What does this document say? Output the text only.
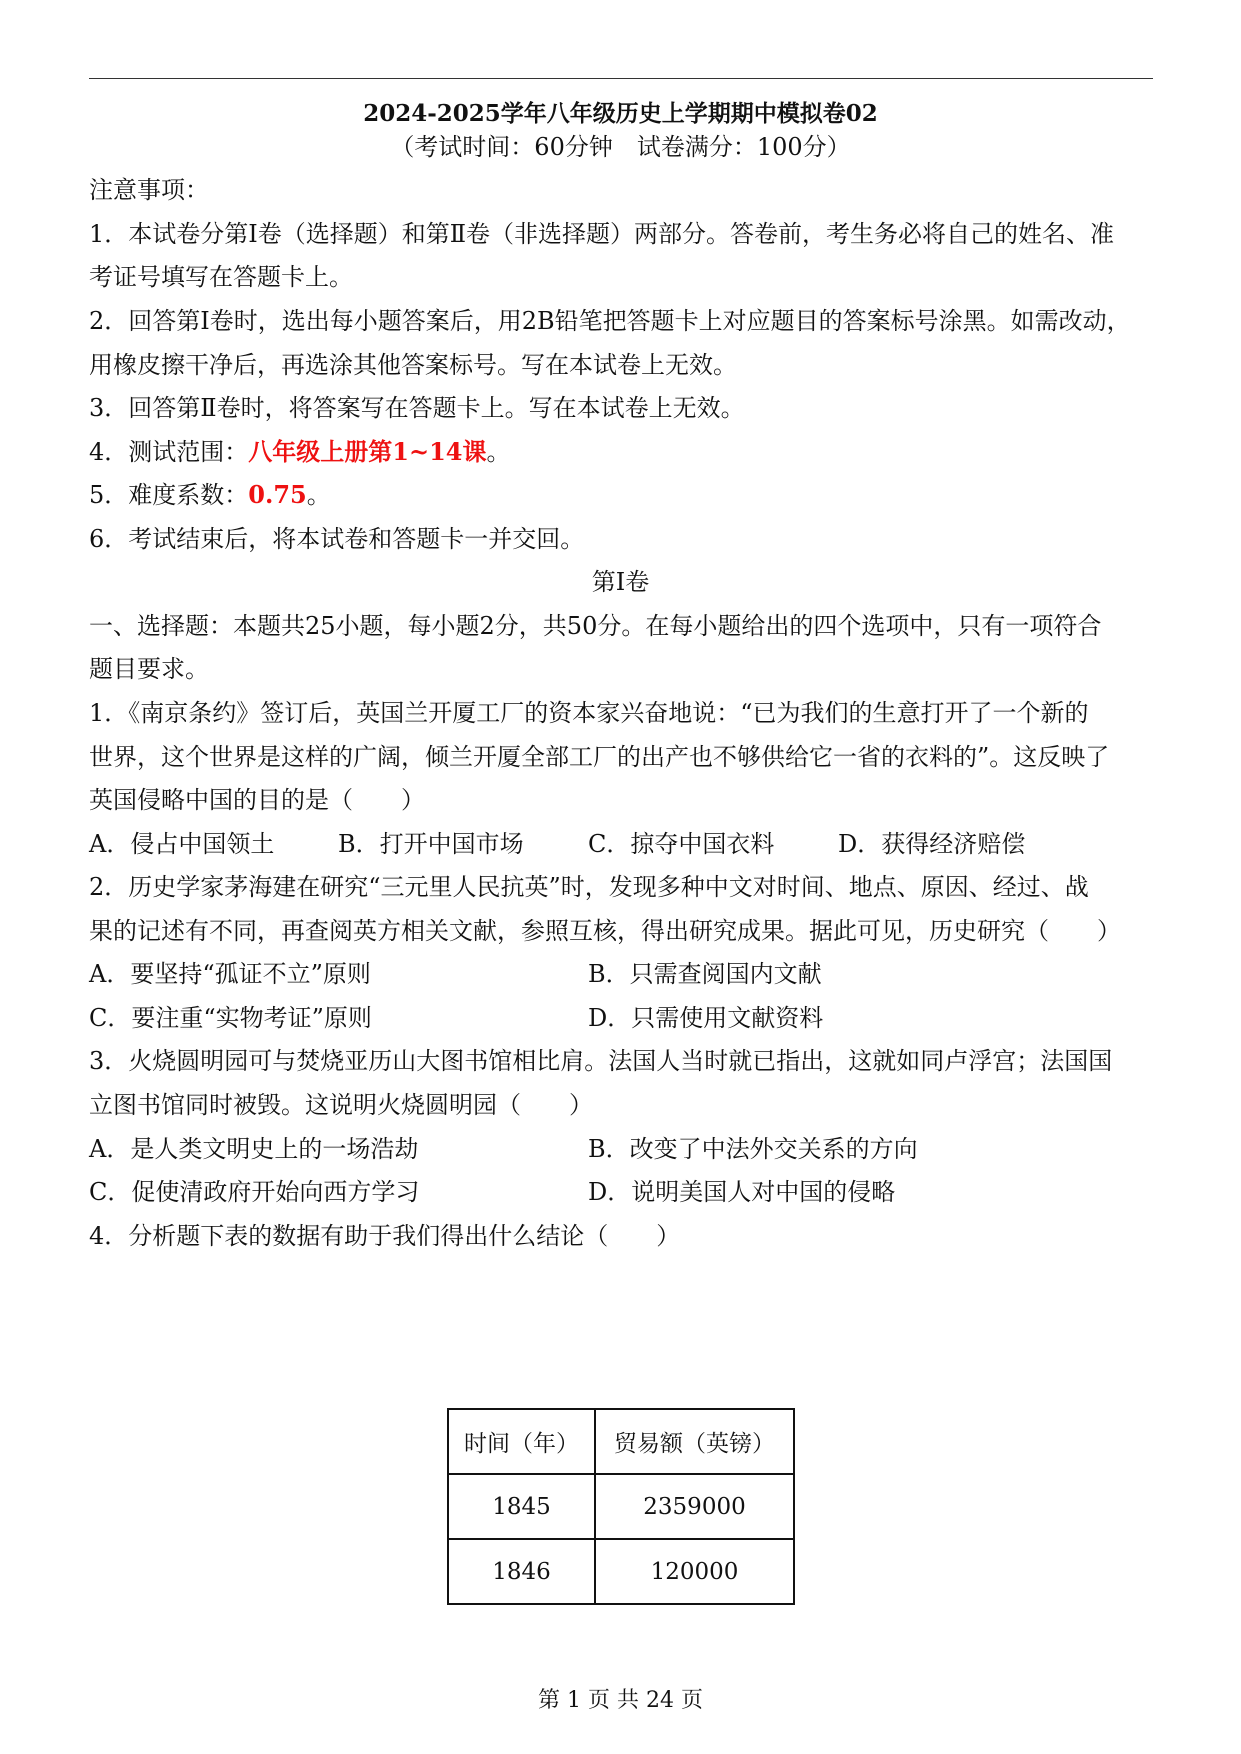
2024-2025学年八年级历史上学期期中模拟卷02
（考试时间：60分钟　试卷满分：100分）
注意事项：
1．本试卷分第Ⅰ卷（选择题）和第Ⅱ卷（非选择题）两部分。答卷前，考生务必将自己的姓名、准
考证号填写在答题卡上。
2．回答第Ⅰ卷时，选出每小题答案后，用2B铅笔把答题卡上对应题目的答案标号涂黑。如需改动，
用橡皮擦干净后，再选涂其他答案标号。写在本试卷上无效。
3．回答第Ⅱ卷时，将答案写在答题卡上。写在本试卷上无效。
4．测试范围：八年级上册第1~14课。
5．难度系数：0.75。
6．考试结束后，将本试卷和答题卡一并交回。
第Ⅰ卷
一、选择题：本题共25小题，每小题2分，共50分。在每小题给出的四个选项中，只有一项符合
题目要求。
1．《南京条约》签订后，英国兰开厦工厂的资本家兴奋地说：“已为我们的生意打开了一个新的
世界，这个世界是这样的广阔，倾兰开厦全部工厂的出产也不够供给它一省的衣料的”。这反映了
英国侵略中国的目的是（　　）
A．侵占中国领土	B．打开中国市场	C．掠夺中国衣料	D．获得经济赔偿
2．历史学家茅海建在研究“三元里人民抗英”时，发现多种中文对时间、地点、原因、经过、战
果的记述有不同，再查阅英方相关文献，参照互核，得出研究成果。据此可见，历史研究（　　）
A．要坚持“孤证不立”原则	B．只需查阅国内文献
C．要注重“实物考证”原则	D．只需使用文献资料
3．火烧圆明园可与焚烧亚历山大图书馆相比肩。法国人当时就已指出，这就如同卢浮宫；法国国
立图书馆同时被毁。这说明火烧圆明园（　　）
A．是人类文明史上的一场浩劫	B．改变了中法外交关系的方向
C．促使清政府开始向西方学习	D．说明美国人对中国的侵略
4．分析题下表的数据有助于我们得出什么结论（　　）
时间（年）	贸易额（英镑）
1845	2359000
1846	120000
第 1 页 共 24 页
